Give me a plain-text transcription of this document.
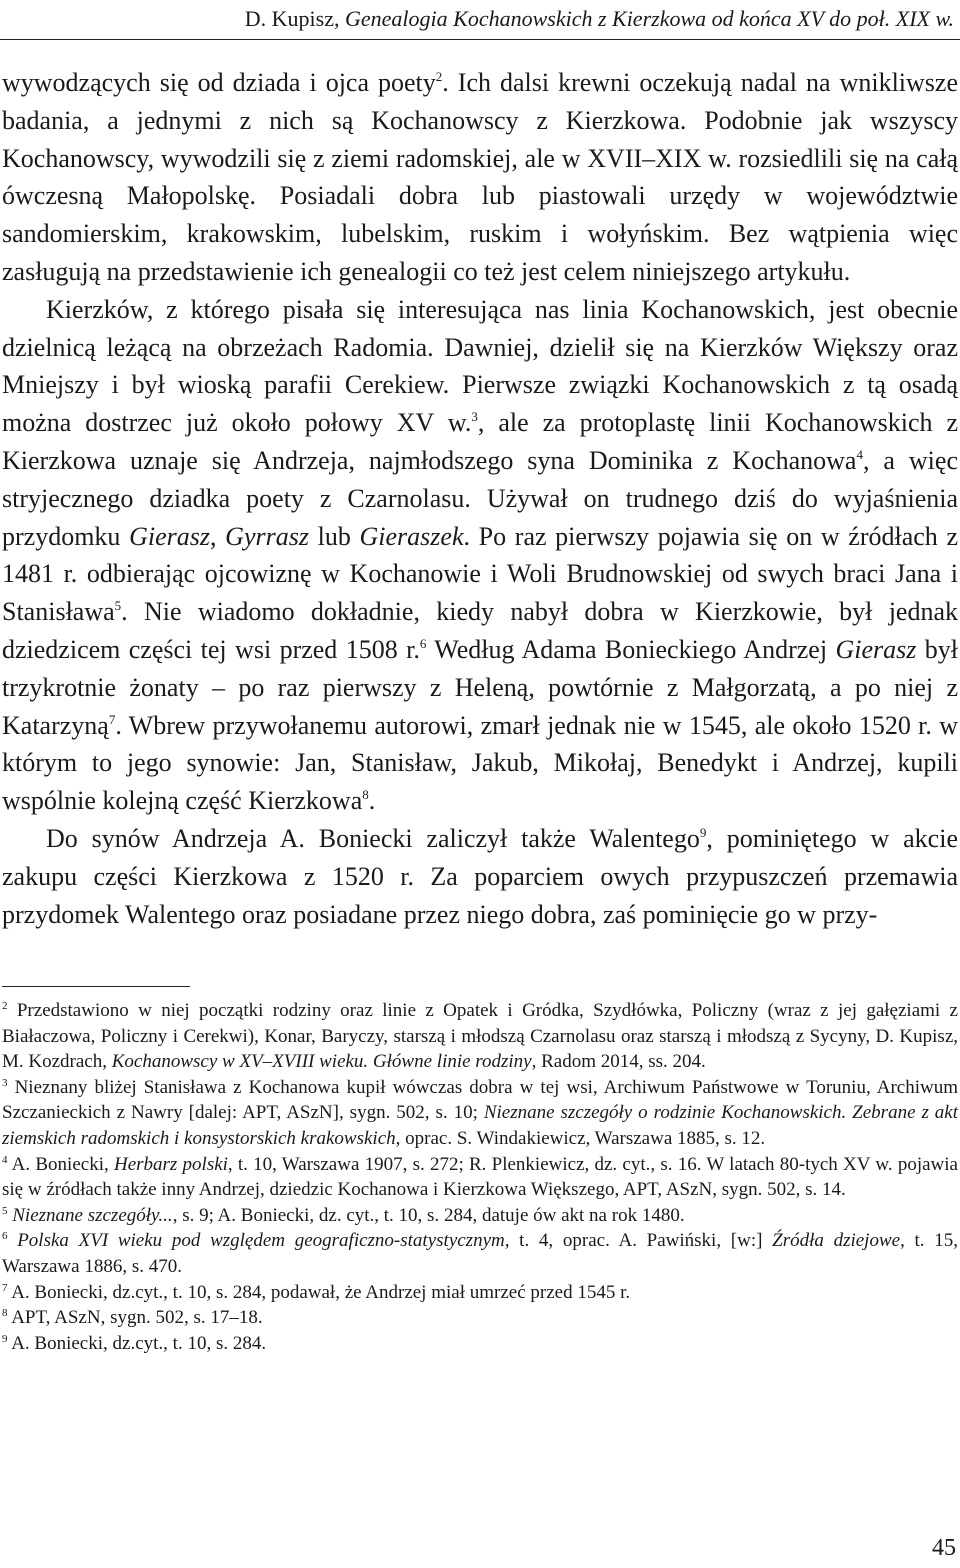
D. Kupisz, Genealogia Kochanowskich z Kierzkowa od końca XV do poł. XIX w.

wywodzących się od dziada i ojca poety$^2$. Ich dalsi krewni oczekują nadal na wnikliwsze badania, a jednymi z nich są Kochanowscy z Kierzkowa. Podobnie jak wszyscy Kochanowscy, wywodzili się z ziemi radomskiej, ale w XVII–XIX w. rozsiedlili się na całą ówczesną Małopolskę. Posiadali dobra lub piastowali urzędy w województwie sandomierskim, krakowskim, lubelskim, ruskim i wołyńskim. Bez wątpienia więc zasługują na przedstawienie ich genealogii co też jest celem niniejszego artykułu.

Kierzków, z którego pisała się interesująca nas linia Kochanowskich, jest obecnie dzielnicą leżącą na obrzeżach Radomia. Dawniej, dzielił się na Kierzków Większy oraz Mniejszy i był wioską parafii Cerekiew. Pierwsze związki Kochanowskich z tą osadą można dostrzec już około połowy XV w.$^3$, ale za protoplastę linii Kochanowskich z Kierzkowa uznaje się Andrzeja, najmłodszego syna Dominika z Kochanowa$^4$, a więc stryjecznego dziadka poety z Czarnolasu. Używał on trudnego dziś do wyjaśnienia przydomku Gierasz, Gyrrasz lub Gieraszek. Po raz pierwszy pojawia się on w źródłach z 1481 r. odbierając ojcowiznę w Kochanowie i Woli Brudnowskiej od swych braci Jana i Stanisława$^5$. Nie wiadomo dokładnie, kiedy nabył dobra w Kierzkowie, był jednak dziedzicem części tej wsi przed 1508 r.$^6$ Według Adama Bonieckiego Andrzej Gierasz był trzykrotnie żonaty – po raz pierwszy z Heleną, powtórnie z Małgorzatą, a po niej z Katarzyną$^7$. Wbrew przywołanemu autorowi, zmarł jednak nie w 1545, ale około 1520 r. w którym to jego synowie: Jan, Stanisław, Jakub, Mikołaj, Benedykt i Andrzej, kupili wspólnie kolejną część Kierzkowa$^8$.

Do synów Andrzeja A. Boniecki zaliczył także Walentego$^9$, pominiętego w akcie zakupu części Kierzkowa z 1520 r. Za poparciem owych przypuszczeń przemawia przydomek Walentego oraz posiadane przez niego dobra, zaś pominięcie go w przy-

$^2$ Przedstawiono w niej początki rodziny oraz linie z Opatek i Gródka, Szydłówka, Policzny (wraz z jej gałęziami z Białaczowa, Policzny i Cerekwi), Konar, Baryczy, starszą i młodszą Czarnolasu oraz starszą i młodszą z Sycyny, D. Kupisz, M. Kozdrach, Kochanowscy w XV–XVIII wieku. Główne linie rodziny, Radom 2014, ss. 204.

$^3$ Nieznany bliżej Stanisława z Kochanowa kupił wówczas dobra w tej wsi, Archiwum Państwowe w Toruniu, Archiwum Szczanieckich z Nawry [dalej: APT, ASzN], sygn. 502, s. 10; Nieznane szczegóły o rodzinie Kochanowskich. Zebrane z akt ziemskich radomskich i konsystorskich krakowskich, oprac. S. Windakiewicz, Warszawa 1885, s. 12.

$^4$ A. Boniecki, Herbarz polski, t. 10, Warszawa 1907, s. 272; R. Plenkiewicz, dz. cyt., s. 16. W latach 80-tych XV w. pojawia się w źródłach także inny Andrzej, dziedzic Kochanowa i Kierzkowa Większego, APT, ASzN, sygn. 502, s. 14.

$^5$ Nieznane szczegóły..., s. 9; A. Boniecki, dz. cyt., t. 10, s. 284, datuje ów akt na rok 1480.

$^6$ Polska XVI wieku pod względem geograficzno-statystycznym, t. 4, oprac. A. Pawiński, [w:] Źródła dziejowe, t. 15, Warszawa 1886, s. 470.

$^7$ A. Boniecki, dz.cyt., t. 10, s. 284, podawał, że Andrzej miał umrzeć przed 1545 r.

$^8$ APT, ASzN, sygn. 502, s. 17–18.

$^9$ A. Boniecki, dz.cyt., t. 10, s. 284.

45
